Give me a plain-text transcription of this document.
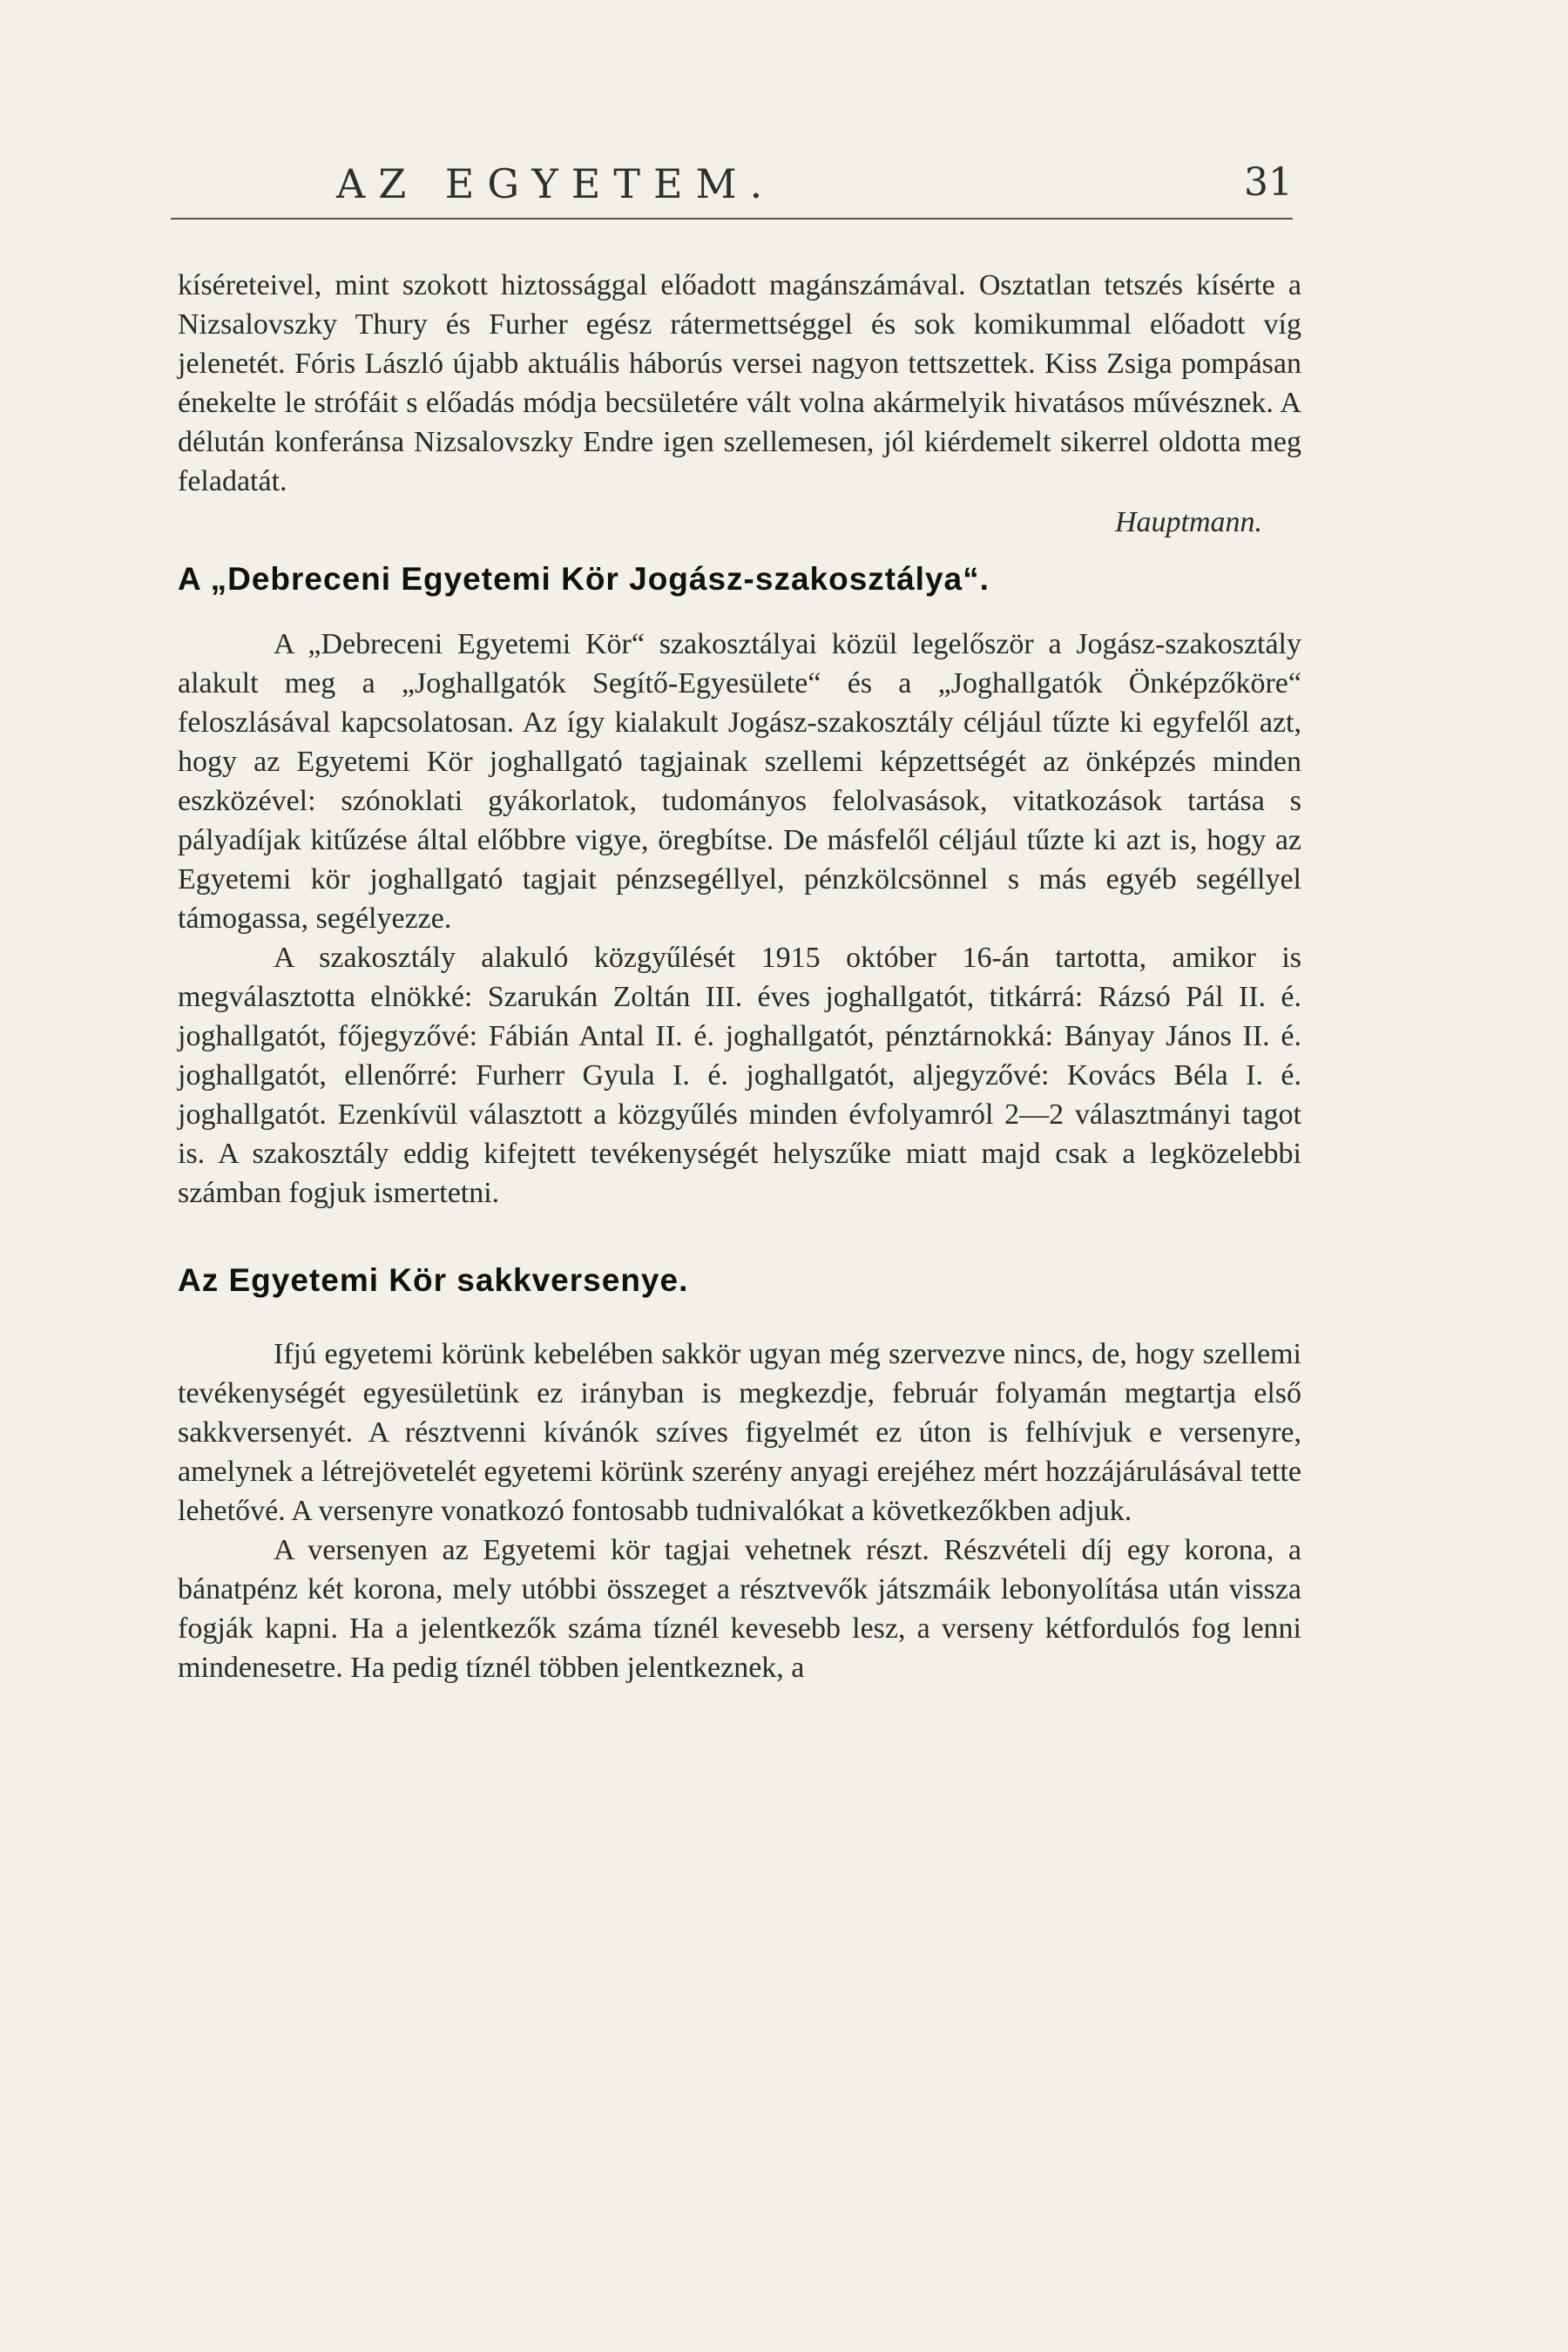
AZ EGYETEM.	31

kíséreteivel, mint szokott hiztossággal előadott magánszámával. Osztatlan tetszés kísérte a Nizsalovszky Thury és Furher egész rátermettséggel és sok komikummal előadott víg jelenetét. Fóris László újabb aktuális háborús versei nagyon tettszettek. Kiss Zsiga pompásan énekelte le strófáit s előadás módja becsületére vált volna akármelyik hivatásos művésznek. A délután konferánsa Nizsalovszky Endre igen szellemesen, jól kiérdemelt sikerrel oldotta meg feladatát.

Hauptmann.
A „Debreceni Egyetemi Kör Jogász-szakosztálya“.

A „Debreceni Egyetemi Kör“ szakosztályai közül legelőször a Jogász-szakosztály alakult meg a „Joghallgatók Segítő-Egyesülete“ és a „Joghallgatók Önképzőköre“ feloszlásával kapcsolatosan. Az így kialakult Jogász-szakosztály céljául tűzte ki egyfelől azt, hogy az Egyetemi Kör joghallgató tagjainak szellemi képzettségét az önképzés minden eszközével: szónoklati gyákorlatok, tudományos felolvasások, vitatkozások tartása s pályadíjak kitűzése által előbbre vigye, öregbítse. De másfelől céljául tűzte ki azt is, hogy az Egyetemi kör joghallgató tagjait pénzsegéllyel, pénzkölcsönnel s más egyéb segéllyel támogassa, segélyezze.

A szakosztály alakuló közgyűlését 1915 október 16-án tartotta, amikor is megválasztotta elnökké: Szarukán Zoltán III. éves joghallgatót, titkárrá: Rázsó Pál II. é. joghallgatót, főjegyzővé: Fábián Antal II. é. joghallgatót, pénztárnokká: Bányay János II. é. joghallgatót, ellenőrré: Furherr Gyula I. é. joghallgatót, aljegyzővé: Kovács Béla I. é. joghallgatót. Ezenkívül választott a közgyűlés minden évfolyamról 2—2 választmányi tagot is. A szakosztály eddig kifejtett tevékenységét helyszűke miatt majd csak a legközelebbi számban fogjuk ismertetni.

Az Egyetemi Kör sakkversenye.

Ifjú egyetemi körünk kebelében sakkör ugyan még szervezve nincs, de, hogy szellemi tevékenységét egyesületünk ez irányban is megkezdje, február folyamán megtartja első sakkversenyét. A résztvenni kívánók szíves figyelmét ez úton is felhívjuk e versenyre, amelynek a létrejövetelét egyetemi körünk szerény anyagi erejéhez mért hozzájárulásával tette lehetővé. A versenyre vonatkozó fontosabb tudnivalókat a következőkben adjuk.

A versenyen az Egyetemi kör tagjai vehetnek részt. Részvételi díj egy korona, a bánatpénz két korona, mely utóbbi összeget a résztvevők játszmáik lebonyolítása után vissza fogják kapni. Ha a jelentkezők száma tíznél kevesebb lesz, a verseny kétfordulós fog lenni mindenesetre. Ha pedig tíznél többen jelentkeznek, a
